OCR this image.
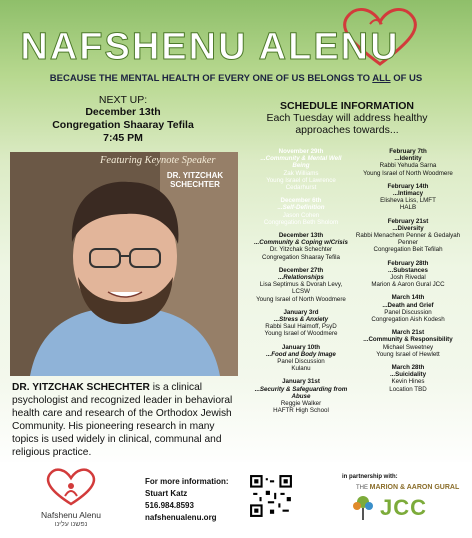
NAFSHENU ALENU
BECAUSE THE MENTAL HEALTH OF EVERY ONE OF US BELONGS TO ALL OF US
NEXT UP:
December 13th
Congregation Shaaray Tefila
7:45 PM
SCHEDULE INFORMATION
Each Tuesday will address healthy approaches towards...
Featuring Keynote Speaker
DR. YITZCHAK
SCHECHTER
DR. YITZCHAK SCHECHTER is a clinical psychologist and recognized leader in behavioral health care and research of the Orthodox Jewish Community. His pioneering research in many topics is used widely in clinical, communal and religious practice.
November 29th
...Community & Mental Well Being
Zak Williams
Young Israel of Lawrence Cedarhurst
December 6th
...Self-Definition
Jason Cohen
Congregation Beth Sholom
December 13th
...Community & Coping w/Crisis
Dr. Yitzchak Schechter
Congregation Shaaray Tefila
December 27th
...Relationships
Lisa Septimus & Dvorah Levy, LCSW
Young Israel of North Woodmere
January 3rd
...Stress & Anxiety
Rabbi Saul Haimoff, PsyD
Young Israel of Woodmere
January 10th
...Food and Body Image
Panel Discussion
Kulanu
January 31st
...Security & Safeguarding from Abuse
Reggie Walker
HAFTR High School
February 7th
...Identity
Rabbi Yehuda Sarna
Young Israel of North Woodmere
February 14th
...Intimacy
Elisheva Liss, LMFT
HALB
February 21st
...Diversity
Rabbi Menachem Penner & Gedalyah Penner
Congregation Beit Tefilah
February 28th
...Substances
Josh Rivedal
Marion & Aaron Gural JCC
March 14th
...Death and Grief
Panel Discussion
Congregation Aish Kodesh
March 21st
...Community & Responsibility
Michael Sweetney
Young Israel of Hewlett
March 28th
...Suicidality
Kevin Hines
Location TBD
Nafshenu Alenu
נפשנו עלינו
For more information:
Stuart Katz
516.984.8593
nafshenualenu.org
in partnership with:
THE MARION & AARON GURAL
JCC
